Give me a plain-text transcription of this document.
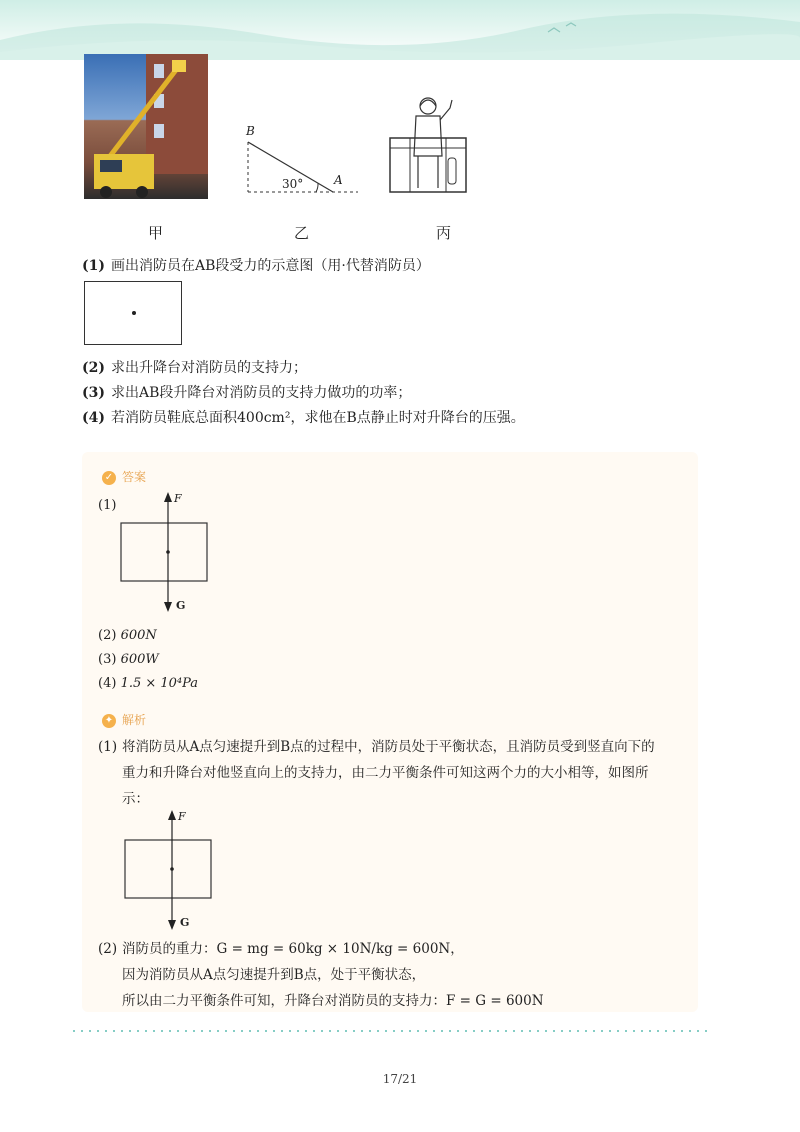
B
A
30°
甲	乙	丙
(1) 画出消防员在AB段受力的示意图（用·代替消防员）
(2) 求出升降台对消防员的支持力；
(3) 求出AB段升降台对消防员的支持力做功的功率；
(4) 若消防员鞋底总面积400cm²，求他在B点静止时对升降台的压强。
✓ 答案
(1)	F
G
(2) 600N
(3) 600W
(4) 1.5 × 10⁴Pa
✦ 解析
(1) 将消防员从A点匀速提升到B点的过程中，消防员处于平衡状态，且消防员受到竖直向下的
重力和升降台对他竖直向上的支持力，由二力平衡条件可知这两个力的大小相等，如图所
示：
F
G
(2) 消防员的重力：G = mg = 60kg × 10N/kg = 600N，
因为消防员从A点匀速提升到B点，处于平衡状态，
所以由二力平衡条件可知，升降台对消防员的支持力：F = G = 600N
17/21
